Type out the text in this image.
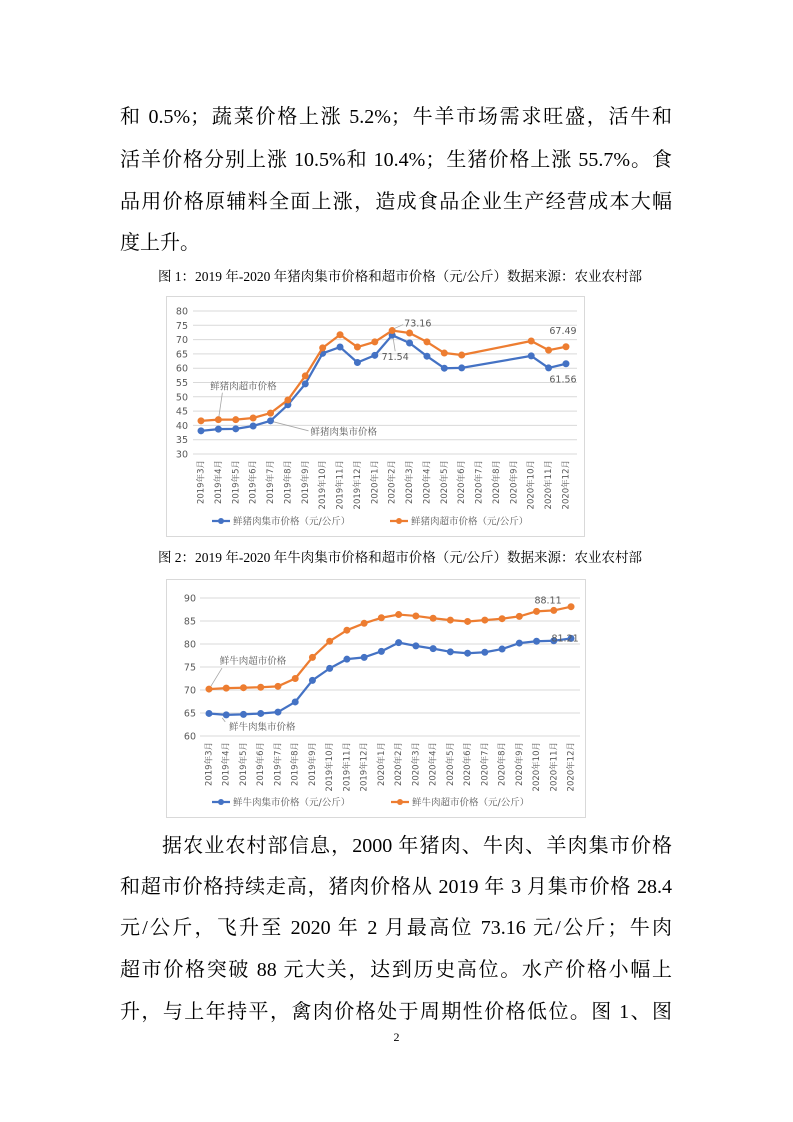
和 0.5%；蔬菜价格上涨 5.2%；牛羊市场需求旺盛，活牛和
活羊价格分别上涨 10.5%和 10.4%；生猪价格上涨 55.7%。食
品用价格原辅料全面上涨，造成食品企业生产经营成本大幅
度上升。
图 1：2019 年-2020 年猪肉集市价格和超市价格（元/公斤）数据来源：农业农村部
30
35
40
45
50
55
60
65
70
75
80
2019年3月 2019年4月 2019年5月 2019年6月 2019年7月 2019年8月 2019年9月 2019年10月 2019年11月 2019年12月 2020年1月 2020年2月 2020年3月 2020年4月 2020年5月 2020年6月 2020年7月 2020年8月 2020年9月 2020年10月 2020年11月 2020年12月
73.16
71.54
67.49
61.56
鲜猪肉超市价格
鲜猪肉集市价格
鲜猪肉集市价格（元/公斤）	鲜猪肉超市价格（元/公斤）
图 2：2019 年-2020 年牛肉集市价格和超市价格（元/公斤）数据来源：农业农村部
60
65
70
75
80
85
90
2019年3月 2019年4月 2019年5月 2019年6月 2019年7月 2019年8月 2019年9月 2019年10月 2019年11月 2019年12月 2020年1月 2020年2月 2020年3月 2020年4月 2020年5月 2020年6月 2020年7月 2020年8月 2020年9月 2020年10月 2020年11月 2020年12月
88.11
81.21
鲜牛肉超市价格
鲜牛肉集市价格
鲜牛肉集市价格（元/公斤）	鲜牛肉超市价格（元/公斤）
据农业农村部信息，2000 年猪肉、牛肉、羊肉集市价格
和超市价格持续走高，猪肉价格从 2019 年 3 月集市价格 28.4
元/公斤，飞升至 2020 年 2 月最高位 73.16 元/公斤；牛肉
超市价格突破 88 元大关，达到历史高位。水产价格小幅上
升，与上年持平，禽肉价格处于周期性价格低位。图 1、图
2
